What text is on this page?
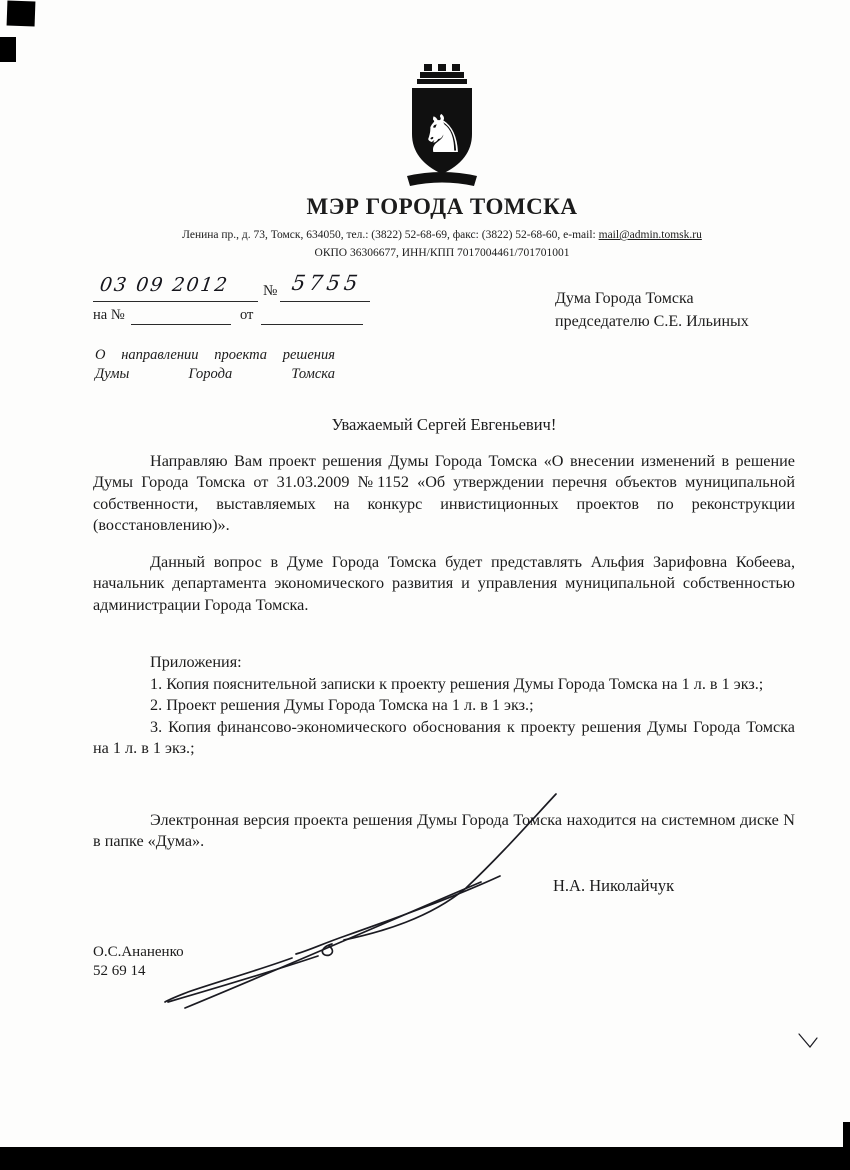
♞
МЭР ГОРОДА ТОМСКА
Ленина пр., д. 73, Томск, 634050, тел.: (3822) 52-68-69, факс: (3822) 52-68-60, e-mail: mail@admin.tomsk.ru
ОКПО 36306677, ИНН/КПП 7017004461/701701001
03 09 2012 № 5755
на №	от
Дума Города Томска
председателю С.Е. Ильиных
О направлении проекта решения
Думы	Города	Томска
Уважаемый Сергей Евгеньевич!

Направляю Вам проект решения Думы Города Томска «О внесении изменений в решение Думы Города Томска от 31.03.2009 №1152 «Об утверждении перечня объектов муниципальной собственности, выставляемых на конкурс инвистиционных проектов по реконструкции (восстановлению)».

Данный вопрос в Думе Города Томска будет представлять Альфия Зарифовна Кобеева, начальник департамента экономического развития и управления муниципальной собственностью администрации Города Томска.

Приложения:

1. Копия пояснительной записки к проекту решения Думы Города Томска на 1 л. в 1 экз.;

2. Проект решения Думы Города Томска на 1 л. в 1 экз.;

3. Копия финансово-экономического обоснования к проекту решения Думы Города Томска на 1 л. в 1 экз.;

Электронная версия проекта решения Думы Города Томска находится на системном диске N в папке «Дума».

Н.А. Николайчук
О.С.Ананенко
52 69 14
